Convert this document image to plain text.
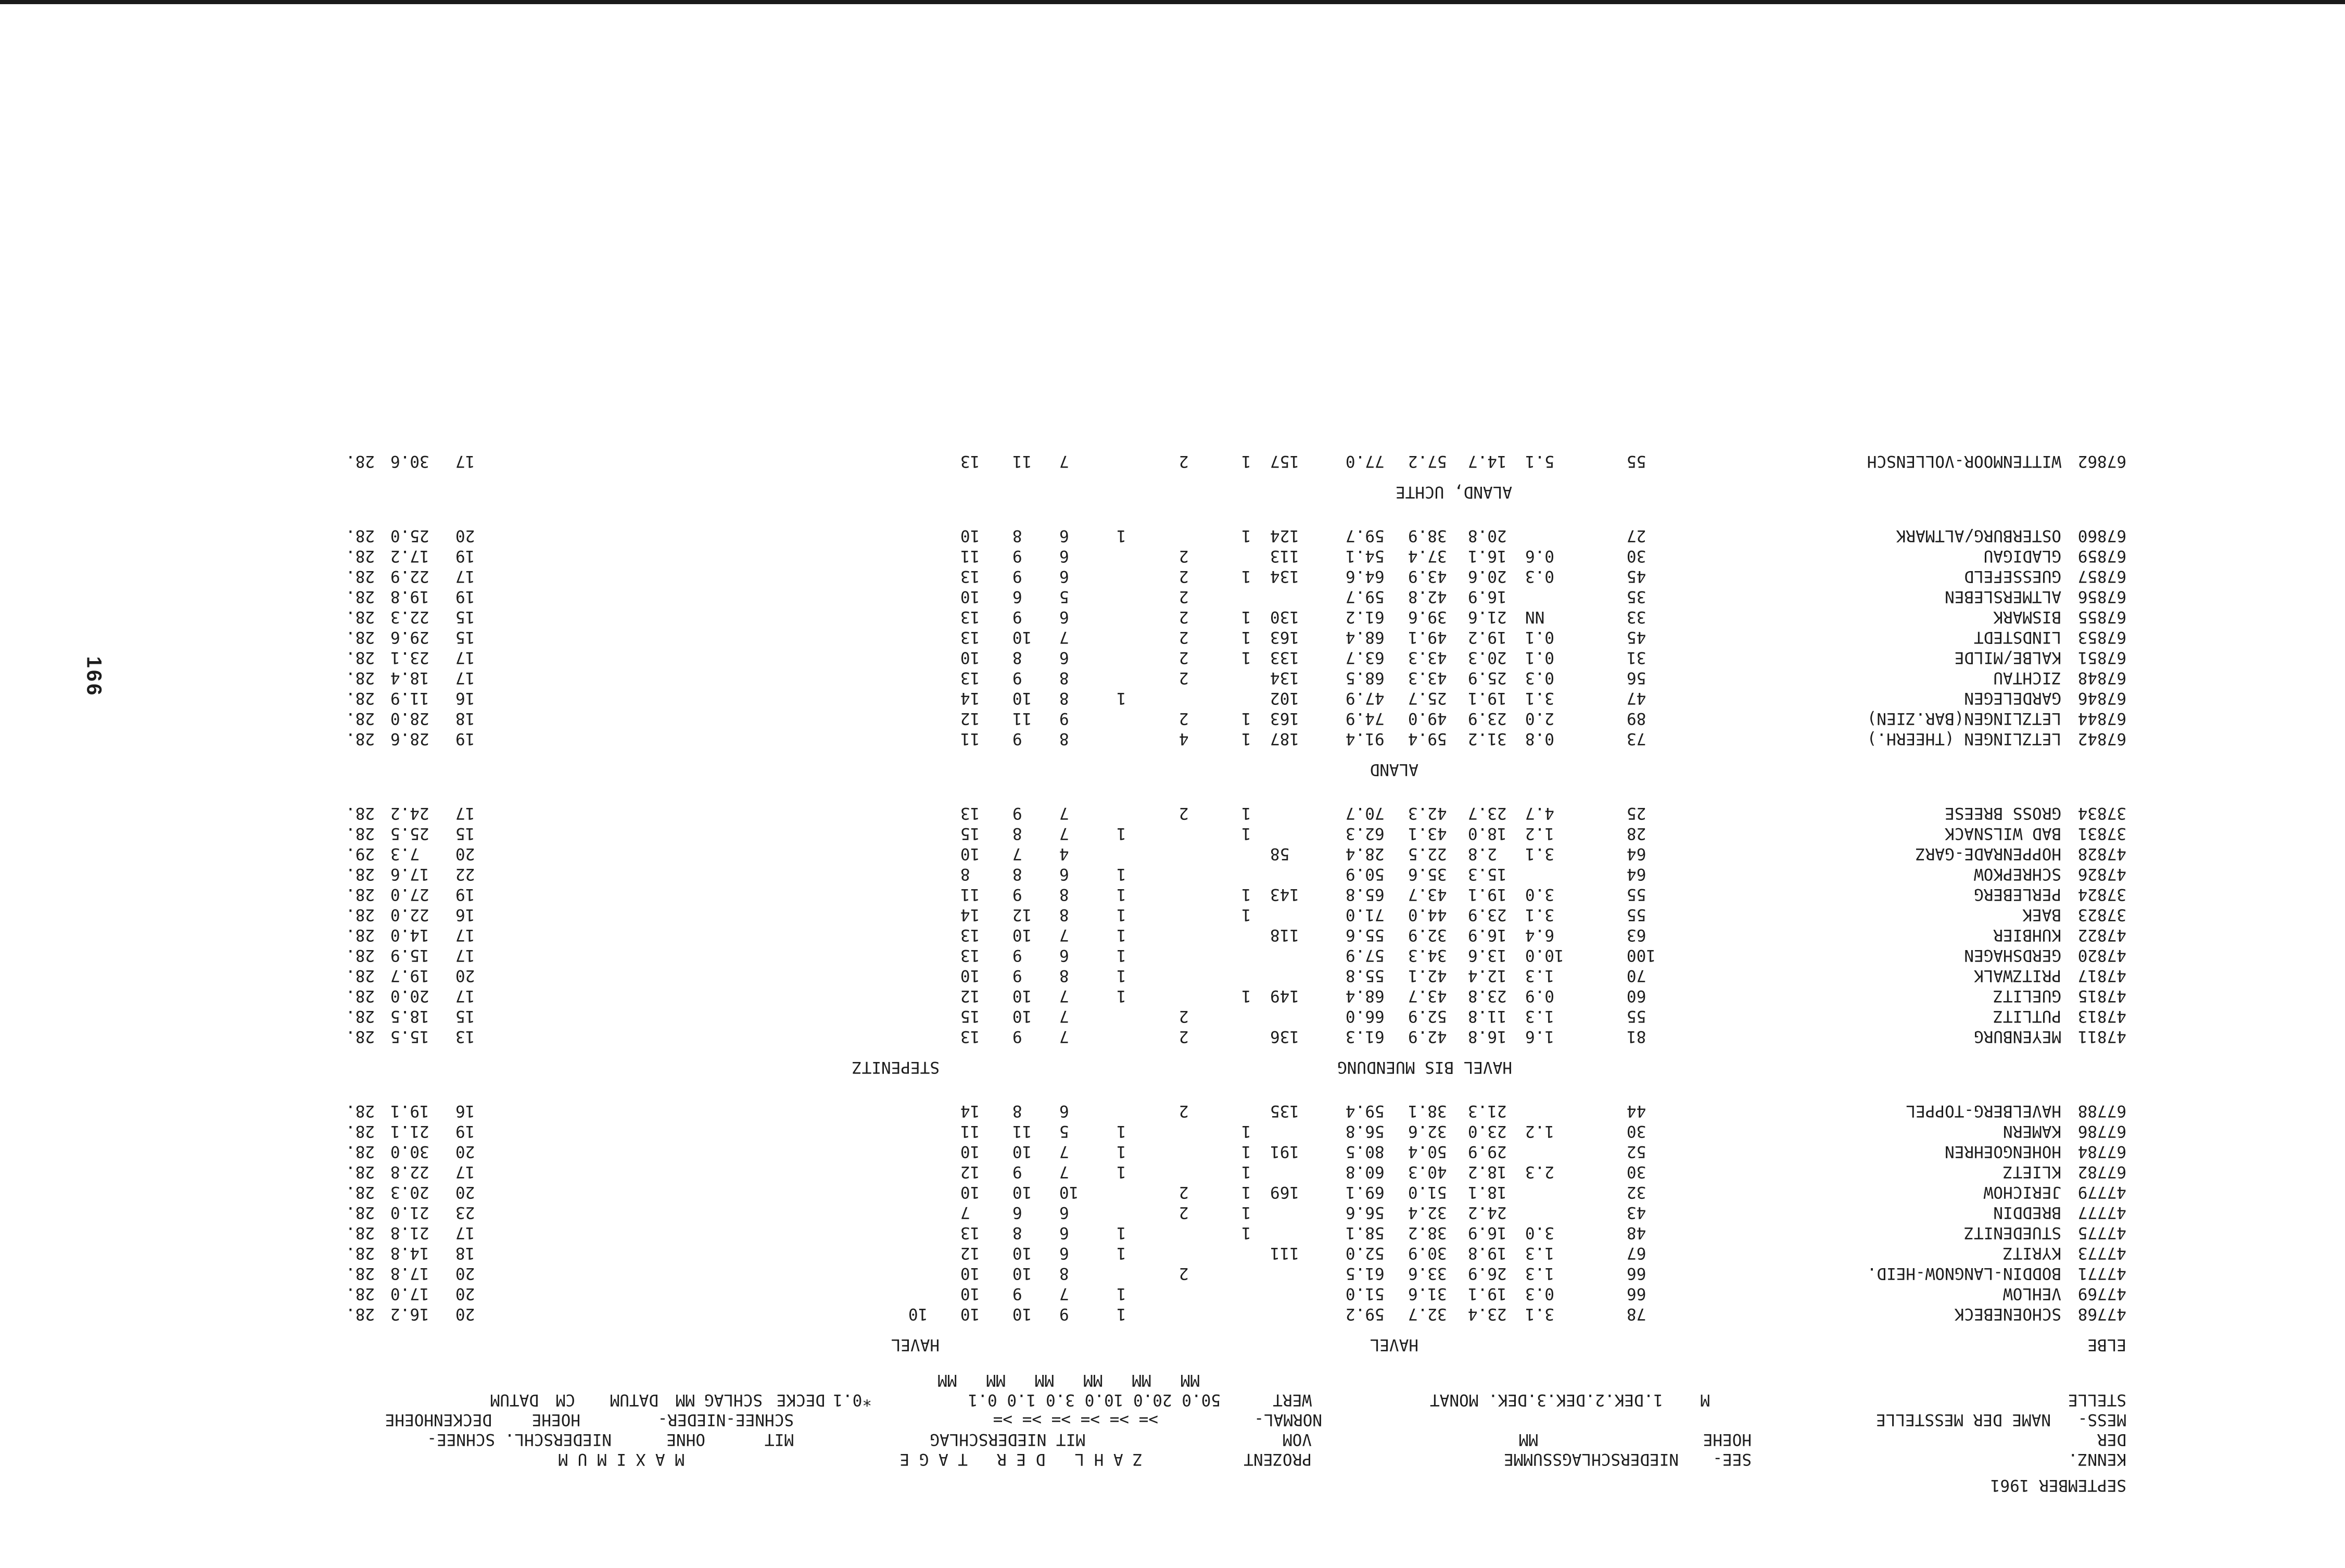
166
SEPTEMBER 1961
KENNZ.
SEE-
NIEDERSCHLAGSSUMME
PROZENT
Z A H L   D E R   T A G E
M A X I M U M
DER
HOEHE
MM
VOM
MIT NIEDERSCHLAG
MIT
OHNE
NIEDERSCHL. SCHNEE-
MESS-
NAME DER MESSTELLE
NORMAL-
>= >= >= >= >= >=
SCHNEE-NIEDER-
HOEHE
DECKENHOEHE
STELLE
M
1.DEK.2.DEK.3.DEK. MONAT
WERT
50.0 20.0 10.0 3.0 1.0 0.1
*0.1
DECKE
SCHLAG
MM
DATUM
CM
DATUM
MM   MM   MM   MM   MM   MM
ELBE
HAVEL
HAVEL
47768
SCHOENEBECK
78
3.1
23.4
32.7
59.2
1
9
10
10
10
20
16.2
28.
47769
VEHLOW
66
0.3
19.1
31.6
51.0
1
7
9
10
20
17.0
28.
47771
BODDIN-LANGNOW-HEID.
66
1.3
26.9
33.6
61.5
2
8
10
10
20
17.8
28.
47773
KYRITZ
67
1.3
19.8
30.9
52.0
111
1
6
10
12
18
14.8
28.
47775
STUEDENITZ
48
3.0
16.9
38.2
58.1
1
1
6
8
13
17
21.8
28.
47777
BREDDIN
43
24.2
32.4
56.6
1
2
6
6
7
23
21.0
28.
47779
JERICHOW
32
18.1
51.0
69.1
169
1
2
10
10
10
20
20.3
28.
67782
KLIETZ
30
2.3
18.2
40.3
60.8
1
1
7
9
12
17
22.8
28.
67784
HOHENGOEHREN
52
29.9
50.4
80.5
191
1
1
7
10
10
20
30.0
28.
67786
KAMERN
30
1.2
23.0
32.6
56.8
1
1
5
11
11
19
21.1
28.
67788
HAVELBERG-TOPPEL
44
21.3
38.1
59.4
135
2
6
8
14
16
19.1
28.
HAVEL BIS MUENDUNG
STEPENITZ
47811
MEYENBURG
81
1.6
16.8
42.9
61.3
136
2
7
9
13
13
15.5
28.
47813
PUTLITZ
55
1.3
11.8
52.9
66.0
2
7
10
15
15
18.5
28.
47815
GUELITZ
60
0.9
23.8
43.7
68.4
149
1
1
7
10
12
17
20.0
28.
47817
PRITZWALK
70
1.3
12.4
42.1
55.8
1
8
9
10
20
19.7
28.
47820
GERDSHAGEN
100
10.0
13.6
34.3
57.9
1
6
9
13
17
15.9
28.
47822
KUHBIER
63
6.4
16.9
32.9
55.6
118
1
7
10
13
17
14.0
28.
37823
BAEK
55
3.1
23.9
44.0
71.0
1
1
8
12
14
16
22.0
28.
37824
PERLEBERG
55
3.0
19.1
43.7
65.8
143
1
1
8
9
11
19
27.0
28.
47826
SCHREPKOW
64
15.3
35.6
50.9
1
6
8
8
22
17.6
28.
47828
HOPPENRADE-GARZ
64
3.1
2.8
22.5
28.4
58
4
7
10
20
7.3
29.
37831
BAD WILSNACK
28
1.2
18.0
43.1
62.3
1
1
7
8
15
15
25.5
28.
37834
GROSS BREESE
25
4.7
23.7
42.3
70.7
1
2
7
9
13
17
24.2
28.
ALAND
67842
LETZLINGEN (THEERH.)
73
0.8
31.2
59.4
91.4
187
1
4
8
9
11
19
28.6
28.
67844
LETZLINGEN(BAR.ZIEN)
89
2.0
23.9
49.0
74.9
163
1
2
9
11
12
18
28.0
28.
67846
GARDELEGEN
47
3.1
19.1
25.7
47.9
102
1
8
10
14
16
11.9
28.
67848
ZICHTAU
56
0.3
25.9
43.3
68.5
134
2
8
9
13
17
18.4
28.
67851
KALBE/MILDE
31
0.1
20.3
43.3
63.7
133
1
2
6
8
10
17
23.1
28.
67853
LINDSTEDT
45
0.1
19.2
49.1
68.4
163
1
2
7
10
13
15
29.6
28.
67855
BISMARK
33
NN
21.6
39.6
61.2
130
1
2
6
9
13
15
22.3
28.
67856
ALTMERSLEBEN
35
16.9
42.8
59.7
2
5
6
10
19
19.8
28.
67857
GUESSEFELD
45
0.3
20.6
43.9
64.6
134
1
2
6
9
13
17
22.9
28.
67859
GLADIGAU
30
0.6
16.1
37.4
54.1
113
2
6
9
11
19
17.2
28.
67860
OSTERBURG/ALTMARK
27
20.8
38.9
59.7
124
1
1
6
8
10
20
25.0
28.
ALAND, UCHTE
67862
WITTENMOOR-VOLLENSCH
55
5.1
14.7
57.2
77.0
157
1
2
7
11
13
17
30.6
28.
